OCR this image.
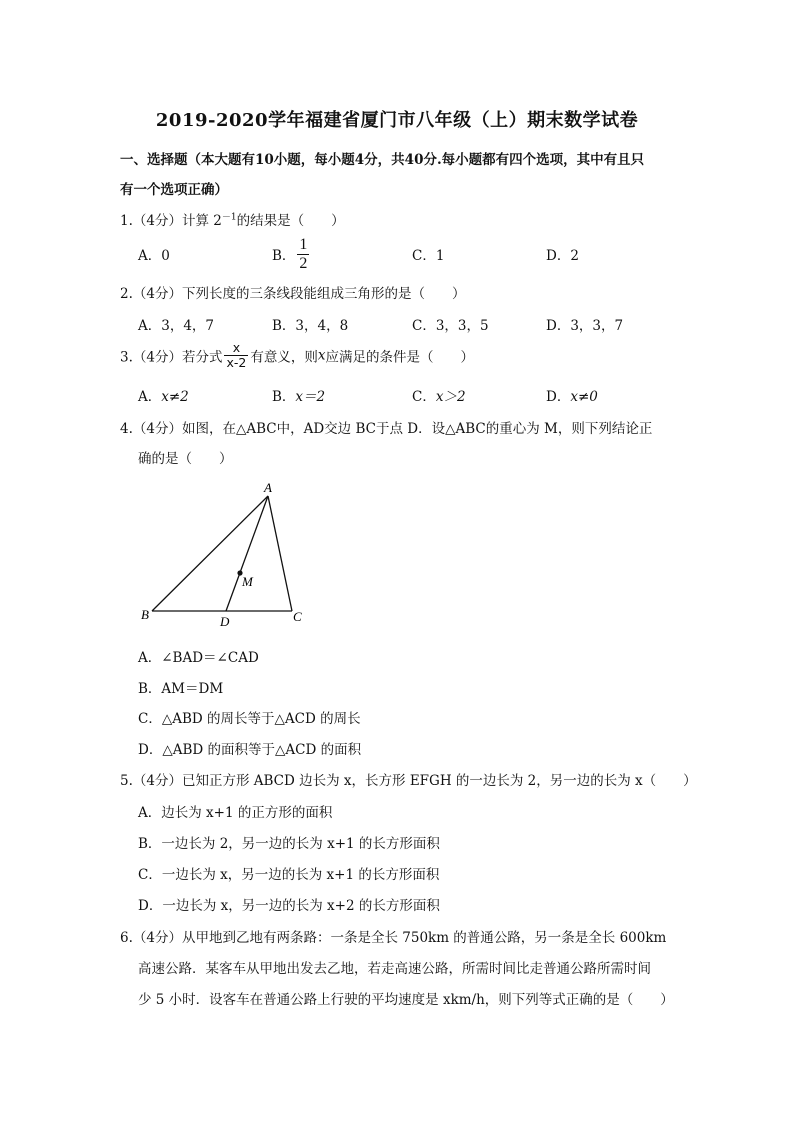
2019-2020学年福建省厦门市八年级（上）期末数学试卷
一、选择题（本大题有10小题，每小题4分，共40分.每小题都有四个选项，其中有且只
有一个选项正确）
1.（4分）计算 $2^{-1}$的结果是（　　）
A．0	B． $\frac{1}{2}$	C．1	D．2
2.（4分）下列长度的三条线段能组成三角形的是（　　）
A．3，4，7	B．3，4，8	C．3，3，5	D．3，3，7
3.（4分）若分式 $\frac{x}{x-2}$ 有意义，则x应满足的条件是（　　）
A．x≠2	B．x＝2	C．x＞2	D．x≠0
4.（4分）如图，在△ABC中，AD交边 BC于点 D．设△ABC的重心为 M，则下列结论正
确的是（　　）
A
B	C
D
M
A．∠BAD＝∠CAD
B．AM＝DM
C．△ABD 的周长等于△ACD 的周长
D．△ABD 的面积等于△ACD 的面积
5.（4分）已知正方形 ABCD 边长为 x，长方形 EFGH 的一边长为 2，另一边的长为 x（　　）
A．边长为 x+1 的正方形的面积
B．一边长为 2，另一边的长为 x+1 的长方形面积
C．一边长为 x，另一边的长为 x+1 的长方形面积
D．一边长为 x，另一边的长为 x+2 的长方形面积
6.（4分）从甲地到乙地有两条路：一条是全长 750km 的普通公路，另一条是全长 600km
高速公路．某客车从甲地出发去乙地，若走高速公路，所需时间比走普通公路所需时间
少 5 小时．设客车在普通公路上行驶的平均速度是 xkm/h，则下列等式正确的是（　　）
